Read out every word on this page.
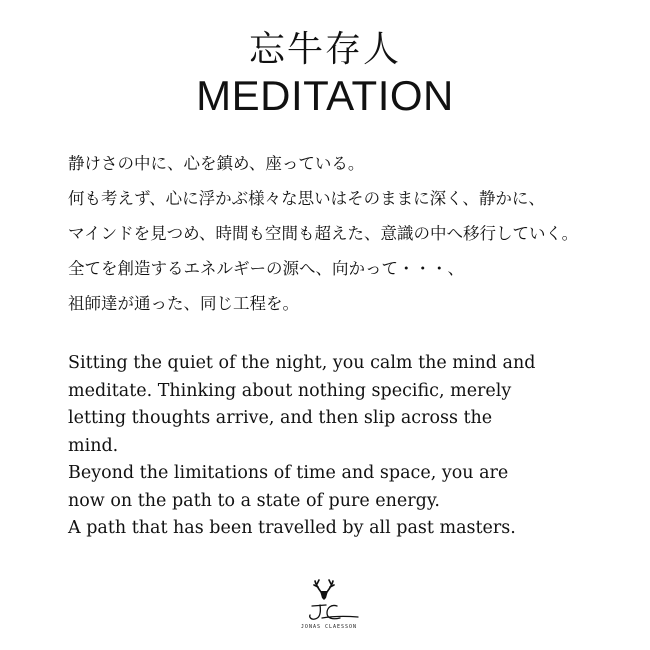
忘牛存人
MEDITATION
静けさの中に、心を鎮め、座っている。
何も考えず、心に浮かぶ様々な思いはそのままに深く、静かに、
マインドを見つめ、時間も空間も超えた、意識の中へ移行していく。
全てを創造するエネルギーの源へ、向かって・・・、
祖師達が通った、同じ工程を。
Sitting the quiet of the night, you calm the mind and
meditate. Thinking about nothing specific, merely
letting thoughts arrive, and then slip across the
mind.
Beyond the limitations of time and space, you are
now on the path to a state of pure energy.
A path that has been travelled by all past masters.
JONAS CLAESSON
